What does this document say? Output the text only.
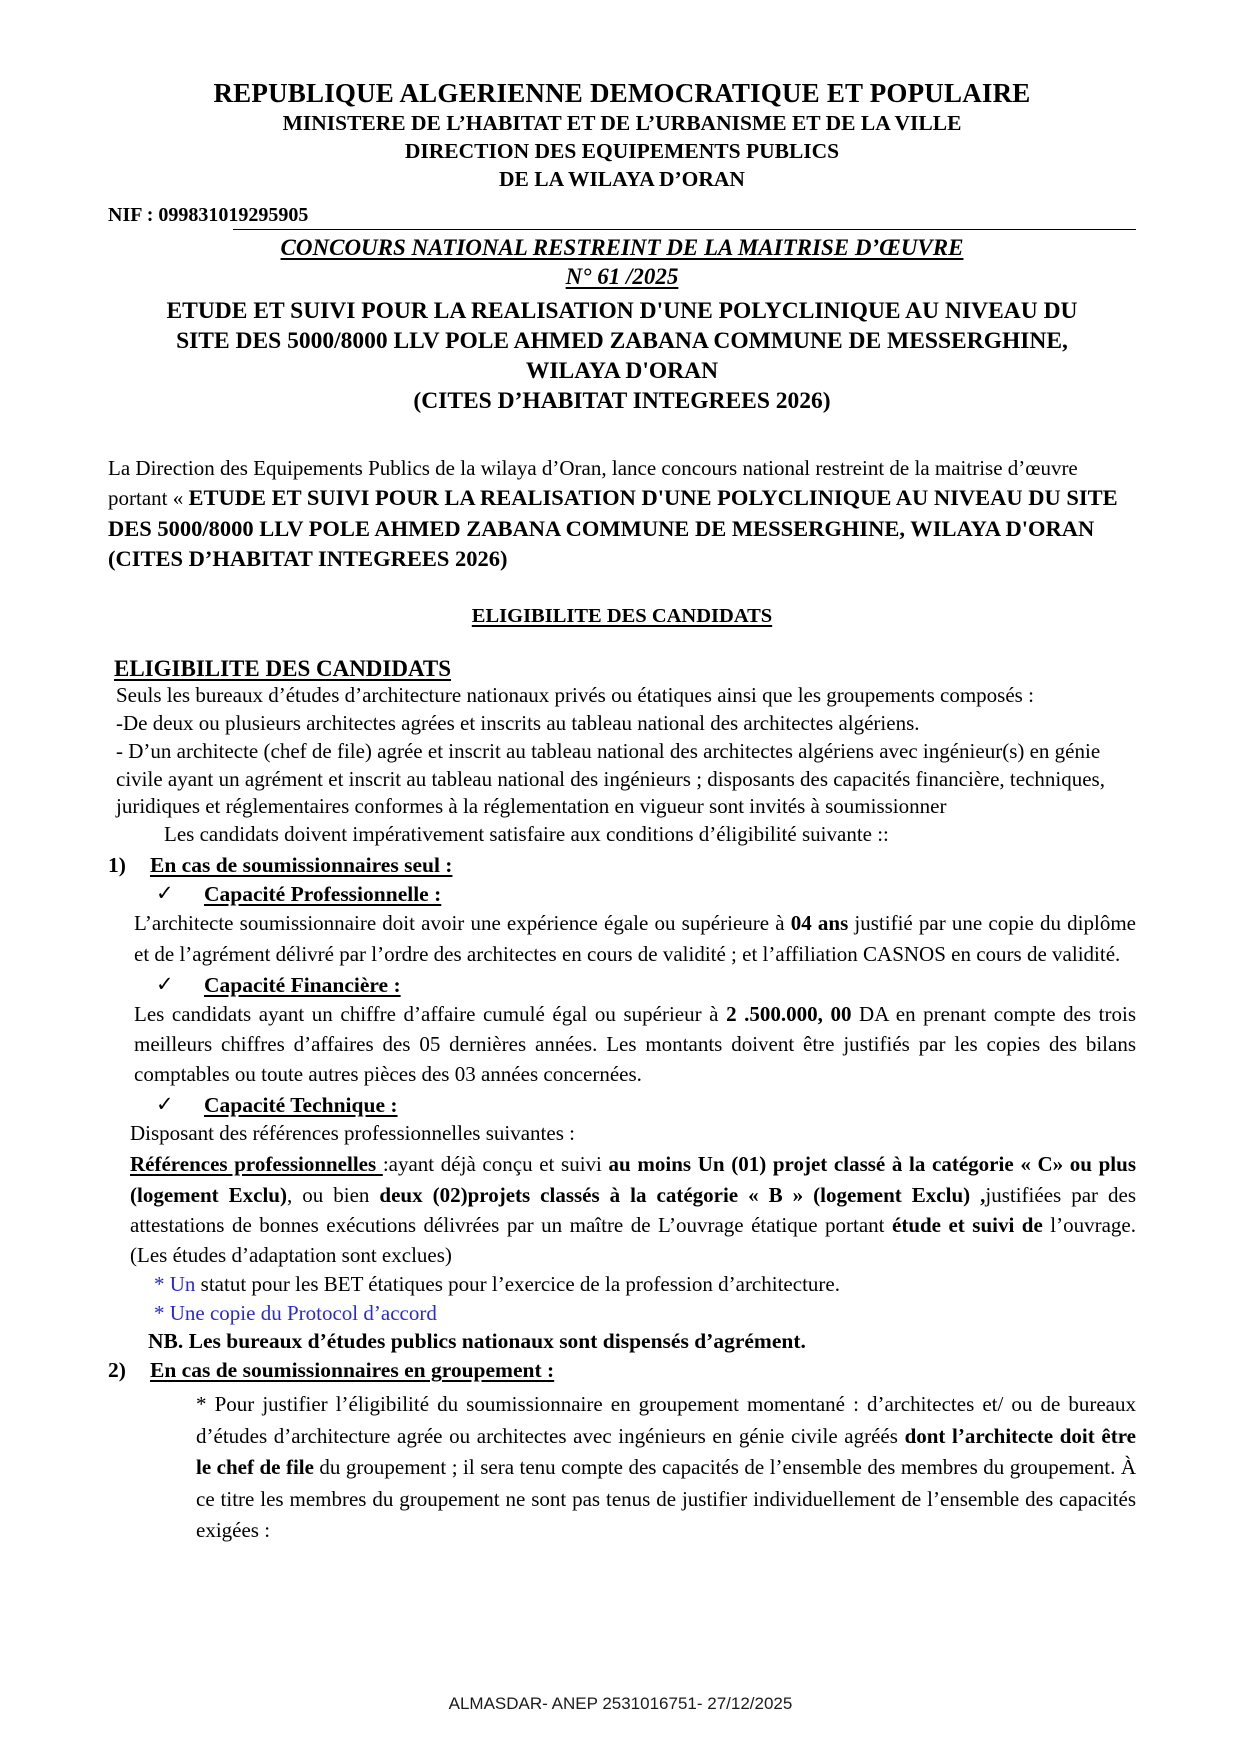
REPUBLIQUE ALGERIENNE DEMOCRATIQUE ET POPULAIRE
MINISTERE DE L’HABITAT ET DE L’URBANISME ET DE LA VILLE
DIRECTION DES EQUIPEMENTS PUBLICS
DE LA WILAYA D’ORAN
NIF : 099831019295905
CONCOURS NATIONAL RESTREINT DE LA MAITRISE D’ŒUVRE
N° 61 /2025
ETUDE ET SUIVI POUR LA REALISATION D'UNE POLYCLINIQUE AU NIVEAU DU
SITE DES 5000/8000 LLV POLE AHMED ZABANA COMMUNE DE MESSERGHINE,
WILAYA D'ORAN
(CITES D’HABITAT INTEGREES 2026)
La Direction des Equipements Publics de la wilaya d’Oran, lance concours national restreint de la maitrise d’œuvre portant « ETUDE ET SUIVI POUR LA REALISATION D'UNE POLYCLINIQUE AU NIVEAU DU SITE DES 5000/8000 LLV POLE AHMED ZABANA COMMUNE DE MESSERGHINE, WILAYA D'ORAN (CITES D’HABITAT INTEGREES 2026)
ELIGIBILITE DES CANDIDATS
ELIGIBILITE DES CANDIDATS
Seuls les bureaux d’études d’architecture nationaux privés ou étatiques ainsi que les groupements composés :
-De deux ou plusieurs architectes agrées et inscrits au tableau national des architectes algériens.
- D’un architecte (chef de file) agrée et inscrit au tableau national des architectes algériens avec ingénieur(s) en génie civile ayant un agrément et inscrit au tableau national des ingénieurs ; disposants des capacités financière, techniques, juridiques et réglementaires conformes à la réglementation en vigueur sont invités à soumissionner
Les candidats doivent impérativement satisfaire aux conditions d’éligibilité suivante ::
1) En cas de soumissionnaires seul :
✓ Capacité Professionnelle :
L’architecte soumissionnaire doit avoir une expérience égale ou supérieure à 04 ans justifié par une copie du diplôme et de l’agrément délivré par l’ordre des architectes en cours de validité ; et l’affiliation CASNOS en cours de validité.
✓ Capacité Financière :
Les candidats ayant un chiffre d’affaire cumulé égal ou supérieur à 2 .500.000, 00 DA en prenant compte des trois meilleurs chiffres d’affaires des 05 dernières années. Les montants doivent être justifiés par les copies des bilans comptables ou toute autres pièces des 03 années concernées.
✓ Capacité Technique :
Disposant des références professionnelles suivantes :
Références professionnelles :ayant déjà conçu et suivi au moins Un (01) projet classé à la catégorie « C» ou plus (logement Exclu), ou bien deux (02)projets classés à la catégorie « B » (logement Exclu) ,justifiées par des attestations de bonnes exécutions délivrées par un maître de L’ouvrage étatique portant étude et suivi de l’ouvrage. (Les études d’adaptation sont exclues)
* Un statut pour les BET étatiques pour l’exercice de la profession d’architecture.
* Une copie du Protocol d’accord
NB. Les bureaux d’études publics nationaux sont dispensés d’agrément.
2) En cas de soumissionnaires en groupement :
* Pour justifier l’éligibilité du soumissionnaire en groupement momentané : d’architectes et/ ou de bureaux d’études d’architecture agrée ou architectes avec ingénieurs en génie civile agréés dont l’architecte doit être le chef de file du groupement ; il sera tenu compte des capacités de l’ensemble des membres du groupement. À ce titre les membres du groupement ne sont pas tenus de justifier individuellement de l’ensemble des capacités exigées :
ALMASDAR- ANEP 2531016751- 27/12/2025
